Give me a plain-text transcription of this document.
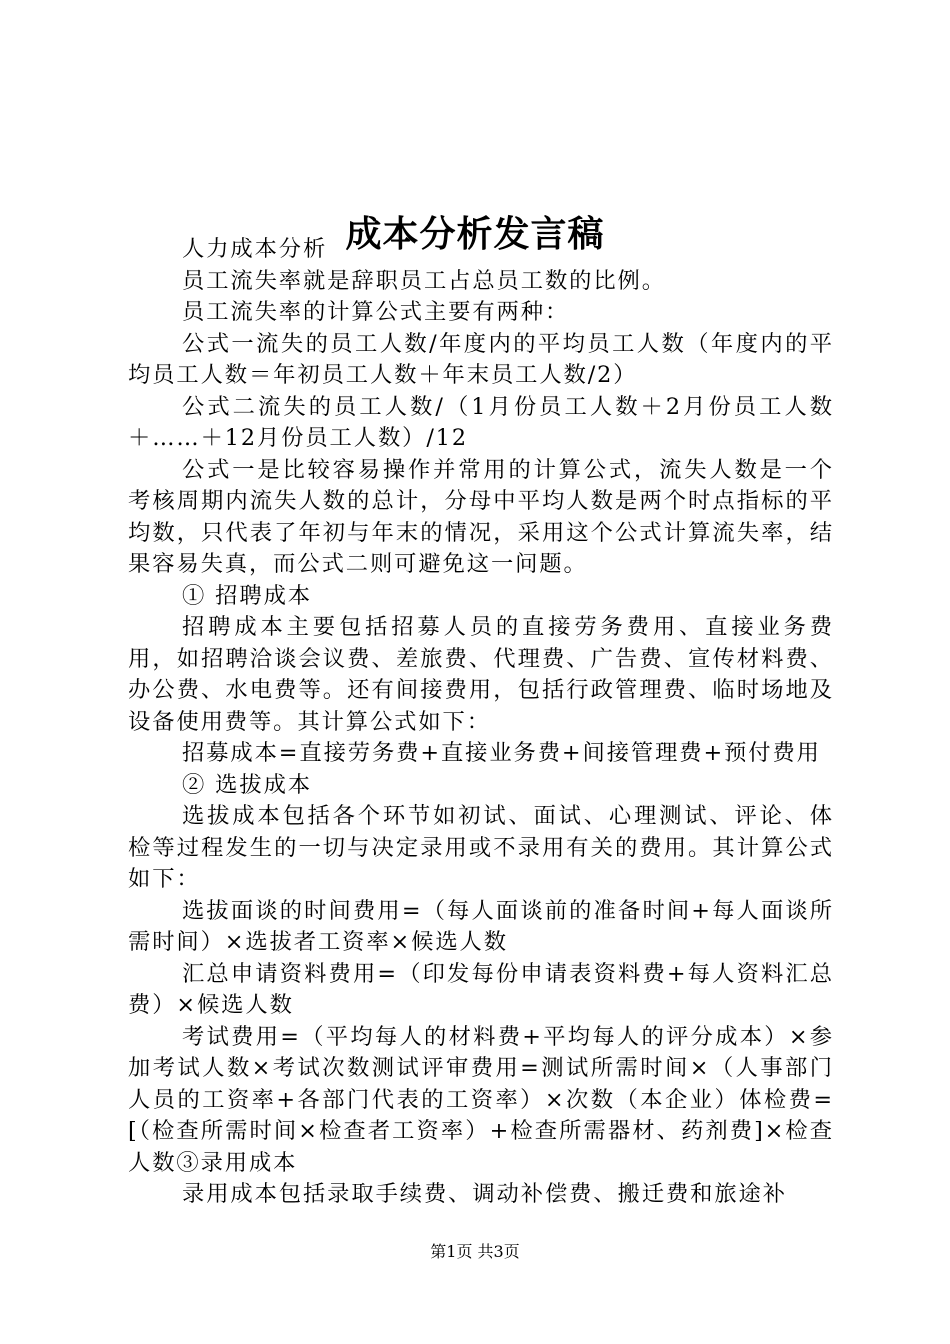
成本分析发言稿

人力成本分析

员工流失率就是辞职员工占总员工数的比例。

员工流失率的计算公式主要有两种：

公式一流失的员工人数/年度内的平均员工人数（年度内的平均员工人数＝年初员工人数＋年末员工人数/2）

公式二流失的员工人数/（1月份员工人数＋2月份员工人数＋……＋12月份员工人数）/12

公式一是比较容易操作并常用的计算公式，流失人数是一个考核周期内流失人数的总计，分母中平均人数是两个时点指标的平均数，只代表了年初与年末的情况，采用这个公式计算流失率，结果容易失真，而公式二则可避免这一问题。

① 招聘成本

招聘成本主要包括招募人员的直接劳务费用、直接业务费用，如招聘洽谈会议费、差旅费、代理费、广告费、宣传材料费、办公费、水电费等。还有间接费用，包括行政管理费、临时场地及设备使用费等。其计算公式如下：

招募成本=直接劳务费+直接业务费+间接管理费+预付费用

② 选拔成本

选拔成本包括各个环节如初试、面试、心理测试、评论、体检等过程发生的一切与决定录用或不录用有关的费用。其计算公式如下：

选拔面谈的时间费用=（每人面谈前的准备时间+每人面谈所需时间）×选拔者工资率×候选人数

汇总申请资料费用=（印发每份申请表资料费+每人资料汇总费）×候选人数

考试费用=（平均每人的材料费+平均每人的评分成本）×参加考试人数×考试次数测试评审费用=测试所需时间×（人事部门人员的工资率+各部门代表的工资率）×次数（本企业）体检费=[（检查所需时间×检查者工资率）+检查所需器材、药剂费]×检查人数③录用成本

录用成本包括录取手续费、调动补偿费、搬迁费和旅途补

第1页 共3页
